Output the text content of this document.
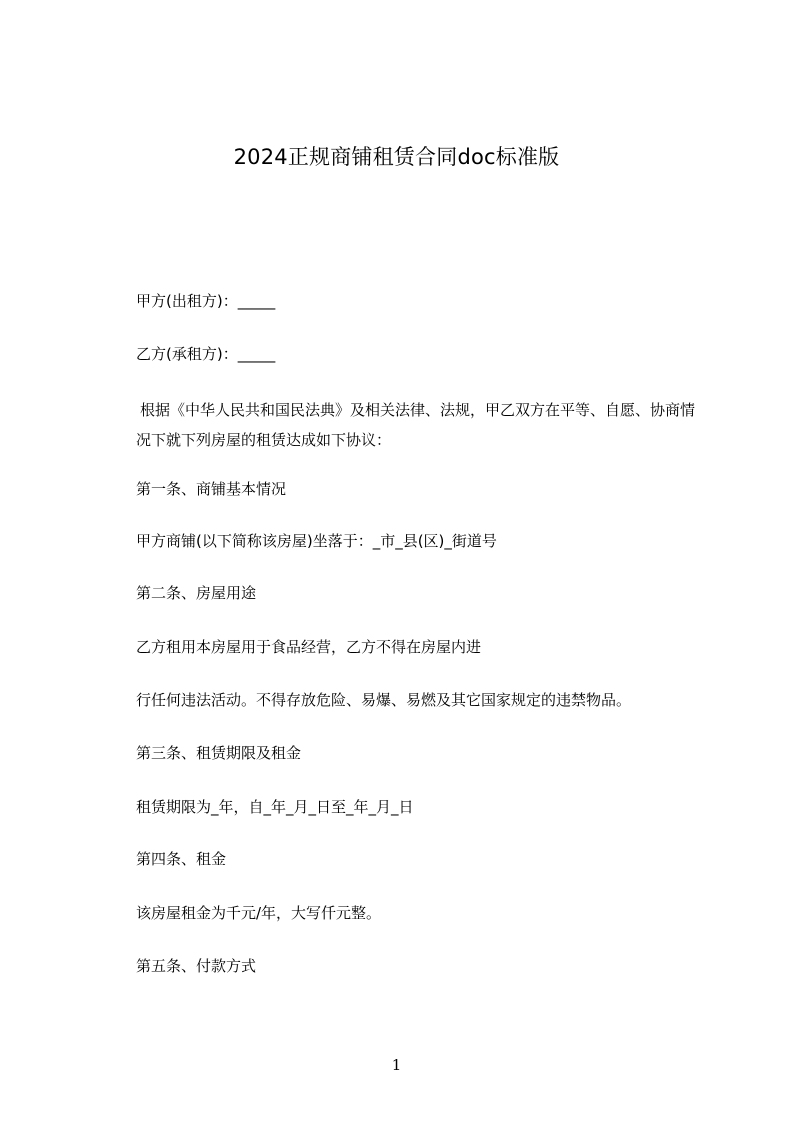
2024正规商铺租赁合同doc标准版
甲方(出租方)：_____
乙方(承租方)：_____
根据《中华人民共和国民法典》及相关法律、法规，甲乙双方在平等、自愿、协商情况下就下列房屋的租赁达成如下协议：
第一条、商铺基本情况
甲方商铺(以下简称该房屋)坐落于：_市_县(区)_街道号
第二条、房屋用途
乙方租用本房屋用于食品经营，乙方不得在房屋内进
行任何违法活动。不得存放危险、易爆、易燃及其它国家规定的违禁物品。
第三条、租赁期限及租金
租赁期限为_年，自_年_月_日至_年_月_日
第四条、租金
该房屋租金为千元/年，大写仟元整。
第五条、付款方式
1
